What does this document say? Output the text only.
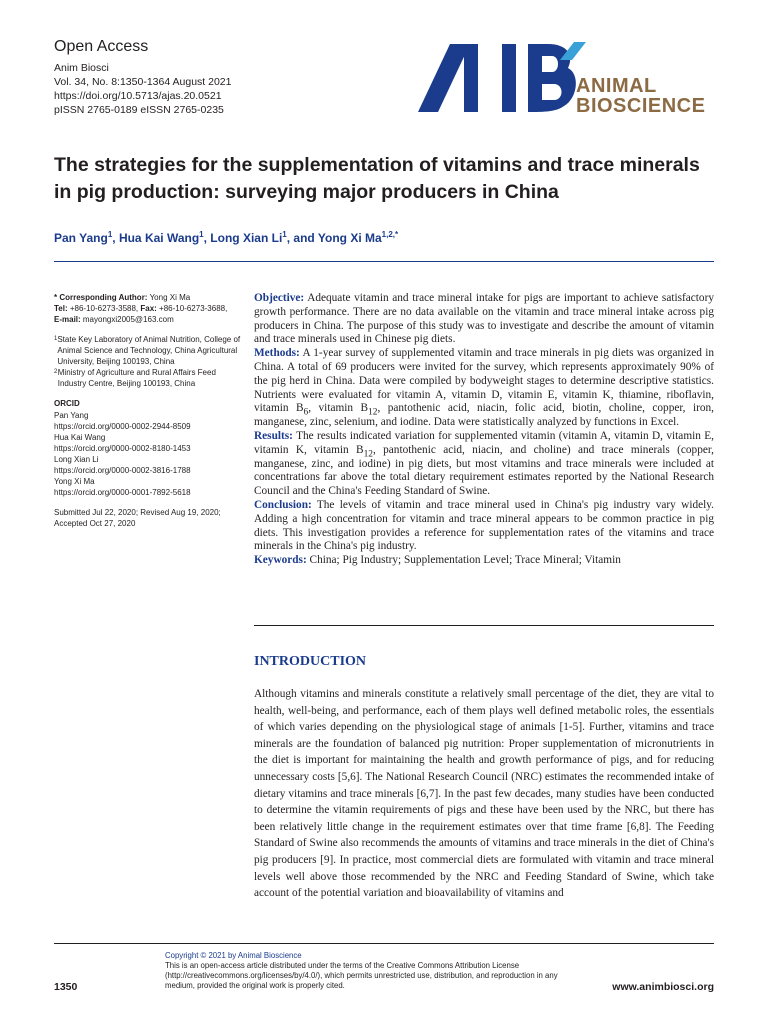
Open Access
Anim Biosci
Vol. 34, No. 8:1350-1364 August 2021
https://doi.org/10.5713/ajas.20.0521
pISSN 2765-0189 eISSN 2765-0235
ANIMAL
BIOSCIENCE
The strategies for the supplementation of vitamins and trace minerals in pig production: surveying major producers in China
Pan Yang$^1$, Hua Kai Wang$^1$, Long Xian Li$^1$, and Yong Xi $Ma^{1,2,*}$
* Corresponding Author: Yong Xi Ma
Tel: +86-10-6273-3588, Fax: +86-10-6273-3688,
E-mail: mayongxi2005@163.com
1 State Key Laboratory of Animal Nutrition, College of Animal Science and Technology, China Agricultural University, Beijing 100193, China
2 Ministry of Agriculture and Rural Affairs Feed Industry Centre, Beijing 100193, China
ORCID
Pan Yang
https://orcid.org/0000-0002-2944-8509
Hua Kai Wang
https://orcid.org/0000-0002-8180-1453
Long Xian Li
https://orcid.org/0000-0002-3816-1788
Yong Xi Ma
https://orcid.org/0000-0001-7892-5618
Submitted Jul 22, 2020; Revised Aug 19, 2020; Accepted Oct 27, 2020

Objective: Adequate vitamin and trace mineral intake for pigs are important to achieve satisfactory growth performance. There are no data available on the vitamin and trace mineral intake across pig producers in China. The purpose of this study was to investigate and describe the amount of vitamin and trace minerals used in Chinese pig diets.

Methods: A 1-year survey of supplemented vitamin and trace minerals in pig diets was organized in China. A total of 69 producers were invited for the survey, which represents approximately 90% of the pig herd in China. Data were compiled by bodyweight stages to determine descriptive statistics. Nutrients were evaluated for vitamin A, vitamin D, vitamin E, vitamin K, thiamine, riboflavin, vitamin $B_6$, vitamin $B_{12}$, pantothenic acid, niacin, folic acid, biotin, choline, copper, iron, manganese, zinc, selenium, and iodine. Data were statistically analyzed by functions in Excel.

Results: The results indicated variation for supplemented vitamin (vitamin A, vitamin D, vitamin E, vitamin K, vitamin $B_{12}$, pantothenic acid, niacin, and choline) and trace minerals (copper, manganese, zinc, and iodine) in pig diets, but most vitamins and trace minerals were included at concentrations far above the total dietary requirement estimates reported by the National Research Council and the China's Feeding Standard of Swine.

Conclusion: The levels of vitamin and trace mineral used in China's pig industry vary widely. Adding a high concentration for vitamin and trace mineral appears to be common practice in pig diets. This investigation provides a reference for supplementation rates of the vitamins and trace minerals in the China's pig industry.

Keywords: China; Pig Industry; Supplementation Level; Trace Mineral; Vitamin

INTRODUCTION

Although vitamins and minerals constitute a relatively small percentage of the diet, they are vital to health, well-being, and performance, each of them plays well defined metabolic roles, the essentials of which varies depending on the physiological stage of animals [1-5]. Further, vitamins and trace minerals are the foundation of balanced pig nutrition: Proper supplementation of micronutrients in the diet is important for maintaining the health and growth performance of pigs, and for reducing unnecessary costs [5,6]. The National Research Council (NRC) estimates the recommended intake of dietary vitamins and trace minerals [6,7]. In the past few decades, many studies have been conducted to determine the vitamin requirements of pigs and these have been used by the NRC, but there has been relatively little change in the requirement estimates over that time frame [6,8]. The Feeding Standard of Swine also recommends the amounts of vitamins and trace minerals in the diet of China's pig producers [9]. In practice, most commercial diets are formulated with vitamin and trace mineral levels well above those recommended by the NRC and Feeding Standard of Swine, which take account of the potential variation and bioavailability of vitamins and

1350
Copyright © 2021 by Animal Bioscience
This is an open-access article distributed under the terms of the Creative Commons Attribution License (http://creativecommons.org/licenses/by/4.0/), which permits unrestricted use, distribution, and reproduction in any medium, provided the original work is properly cited.	www.animbiosci.org
